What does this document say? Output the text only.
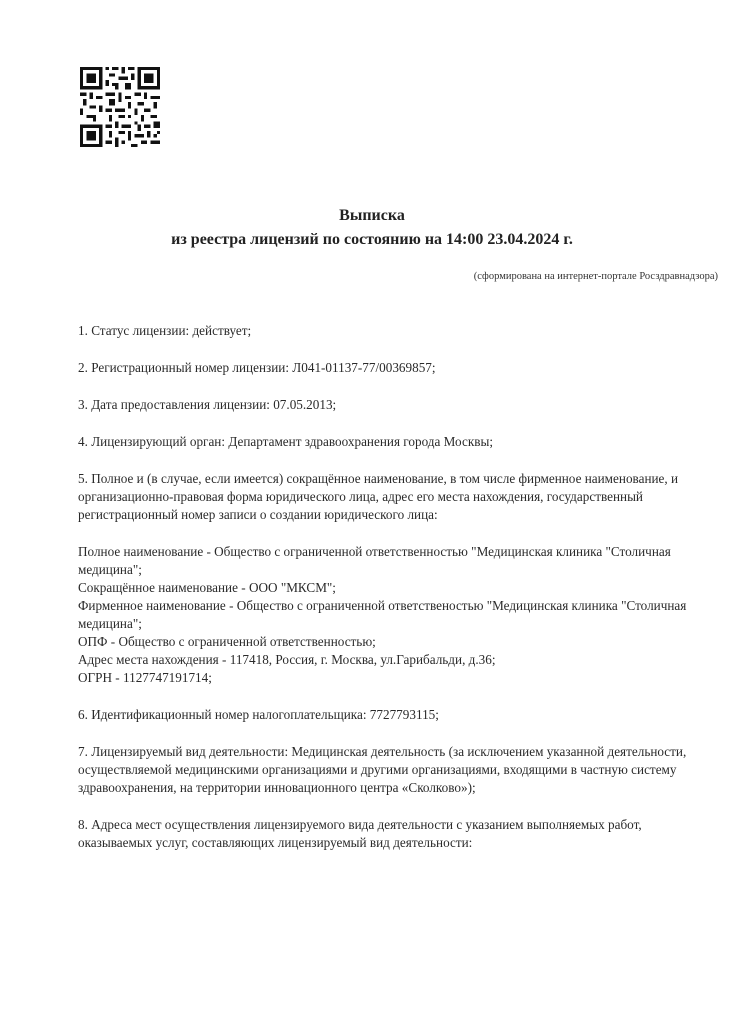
Выписка
из реестра лицензий по состоянию на 14:00 23.04.2024 г.
(сформирована на интернет-портале Росздравнадзора)

1. Статус лицензии: действует;

2. Регистрационный номер лицензии: Л041-01137-77/00369857;

3. Дата предоставления лицензии: 07.05.2013;

4. Лицензирующий орган: Департамент здравоохранения города Москвы;

5. Полное и (в случае, если имеется) сокращённое наименование, в том числе фирменное наименование, и организационно-правовая форма юридического лица, адрес его места нахождения, государственный регистрационный номер записи о создании юридического лица:

Полное наименование - Общество с ограниченной ответственностью "Медицинская клиника "Столичная медицина";

Сокращённое наименование - ООО "МКСМ";

Фирменное наименование - Общество с ограниченной ответственостью "Медицинская клиника "Столичная медицина";

ОПФ - Общество с ограниченной ответственностью;

Адрес места нахождения - 117418, Россия, г. Москва, ул.Гарибальди, д.36;

ОГРН - 1127747191714;

6. Идентификационный номер налогоплательщика: 7727793115;

7. Лицензируемый вид деятельности: Медицинская деятельность (за исключением указанной деятельности, осуществляемой медицинскими организациями и другими организациями, входящими в частную систему здравоохранения, на территории инновационного центра «Сколково»);

8. Адреса мест осуществления лицензируемого вида деятельности с указанием выполняемых работ, оказываемых услуг, составляющих лицензируемый вид деятельности:
